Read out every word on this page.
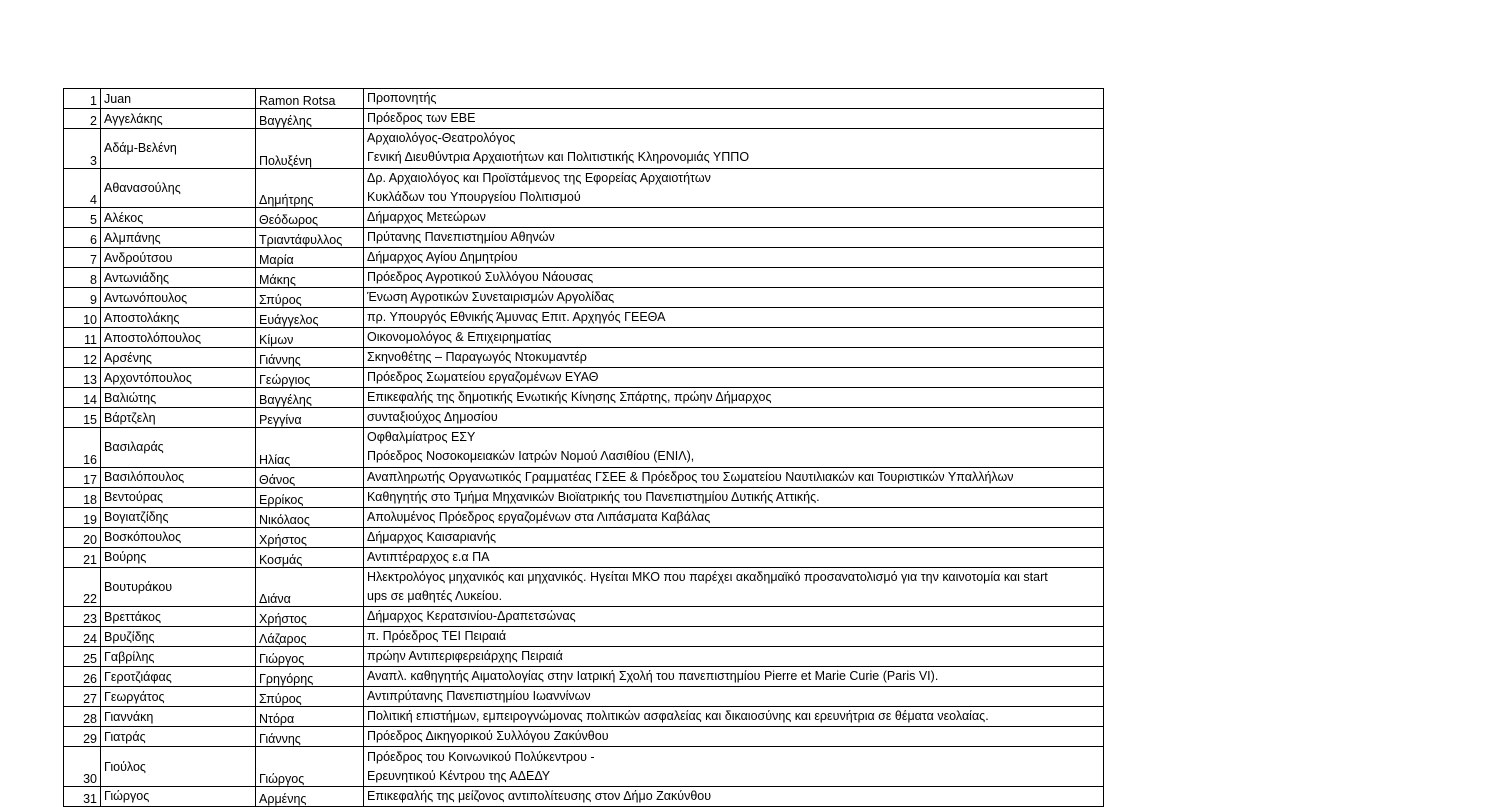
1	Juan	Ramon Rotsa	Προπονητής

2	Αγγελάκης	Βαγγέλης	Πρόεδρος των ΕΒΕ

3	Αδάμ-Βελένη	Πολυξένη	Αρχαιολόγος-Θεατρολόγος
Γενική Διευθύντρια Αρχαιοτήτων και Πολιτιστικής Κληρονομιάς ΥΠΠΟ

4	Αθανασούλης	Δημήτρης	Δρ. Αρχαιολόγος και Προϊστάμενος της Εφορείας Αρχαιοτήτων
Κυκλάδων του Υπουργείου Πολιτισμού

5	Αλέκος	Θεόδωρος	Δήμαρχος Μετεώρων

6	Αλμπάνης	Τριαντάφυλλος	Πρύτανης Πανεπιστημίου Αθηνών

7	Ανδρούτσου	Μαρία	Δήμαρχος Αγίου Δημητρίου

8	Αντωνιάδης	Μάκης	Πρόεδρος Αγροτικού Συλλόγου Νάουσας

9	Αντωνόπουλος	Σπύρος	Ένωση Αγροτικών Συνεταιρισμών Αργολίδας

10	Αποστολάκης	Ευάγγελος	πρ. Υπουργός Εθνικής Άμυνας Επιτ. Αρχηγός ΓΕΕΘΑ

11	Αποστολόπουλος	Κίμων	Οικονομολόγος & Επιχειρηματίας

12	Αρσένης	Γιάννης	Σκηνοθέτης – Παραγωγός Ντοκυμαντέρ

13	Αρχοντόπουλος	Γεώργιος	Πρόεδρος Σωματείου εργαζομένων ΕΥΑΘ

14	Βαλιώτης	Βαγγέλης	Επικεφαλής της δημοτικής Ενωτικής Κίνησης Σπάρτης, πρώην Δήμαρχος

15	Βάρτζελη	Ρεγγίνα	συνταξιούχος Δημοσίου

16	Βασιλαράς	Ηλίας	Οφθαλμίατρος ΕΣΥ
Πρόεδρος Νοσοκομειακών Ιατρών Νομού Λασιθίου (ΕΝΙΛ),

17	Βασιλόπουλος	Θάνος	Αναπληρωτής Οργανωτικός Γραμματέας ΓΣΕΕ & Πρόεδρος του Σωματείου Ναυτιλιακών και Τουριστικών Υπαλλήλων

18	Βεντούρας	Ερρίκος	Καθηγητής στο Τμήμα Μηχανικών Βιοϊατρικής του Πανεπιστημίου Δυτικής Αττικής.

19	Βογιατζίδης	Νικόλαος	Απολυμένος Πρόεδρος εργαζομένων στα Λιπάσματα Καβάλας

20	Βοσκόπουλος	Χρήστος	Δήμαρχος Καισαριανής

21	Βούρης	Κοσμάς	Αντιπτέραρχος ε.α ΠΑ

22	Βουτυράκου	Διάνα	Ηλεκτρολόγος μηχανικός και μηχανικός. Ηγείται ΜΚΟ που παρέχει ακαδημαϊκό προσανατολισμό για την καινοτομία και start
ups σε μαθητές Λυκείου.

23	Βρεττάκος	Χρήστος	Δήμαρχος Κερατσινίου-Δραπετσώνας

24	Βρυζίδης	Λάζαρος	π. Πρόεδρος ΤΕΙ Πειραιά

25	Γαβρίλης	Γιώργος	πρώην Αντιπεριφερειάρχης Πειραιά

26	Γεροτζιάφας	Γρηγόρης	Αναπλ. καθηγητής Αιματολογίας στην Ιατρική Σχολή του πανεπιστημίου Pierre et Marie Curie (Paris VI).

27	Γεωργάτος	Σπύρος	Αντιπρύτανης Πανεπιστημίου Ιωαννίνων

28	Γιαννάκη	Ντόρα	Πολιτική επιστήμων, εμπειρογνώμονας πολιτικών ασφαλείας και δικαιοσύνης και ερευνήτρια σε θέματα νεολαίας.

29	Γιατράς	Γιάννης	Πρόεδρος Δικηγορικού Συλλόγου Ζακύνθου

30	Γιούλος	Γιώργος	Πρόεδρος του Κοινωνικού Πολύκεντρου -
Ερευνητικού Κέντρου της ΑΔΕΔΥ

31	Γιώργος	Αρμένης	Επικεφαλής της μείζονος αντιπολίτευσης στον Δήμο Ζακύνθου
